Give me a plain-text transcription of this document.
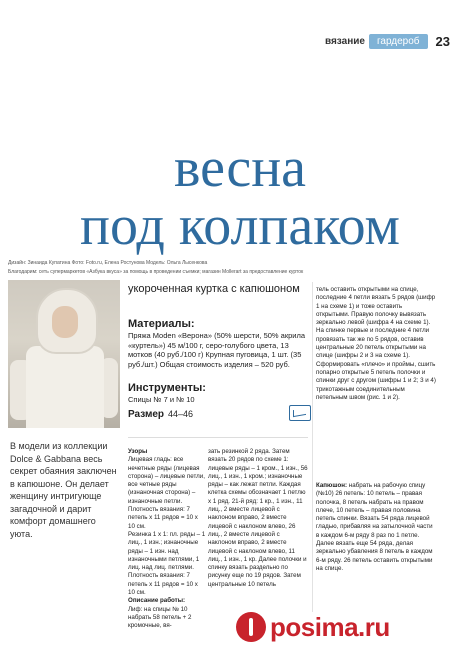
вязание	гардероб	23
весна
под колпаком
Дизайн: Зинаида Купатина Фото: Foto.ru, Елена Ростунова Модель: Ольга Лысенкова
Благодарим: сеть супермаркетов «Азбука вкуса» за помощь в проведении съемки; магазин Mollerart за предоставление курток
В модели из коллекции Dolce & Gabbana весь секрет обаяния заключен в капюшоне. Он делает женщину интригующе загадочной и дарит комфорт домашнего уюта.
укороченная куртка с капюшоном
Материалы:
Пряжа Moden «Верона» (50% шерсти, 50% акрила «куртель») 45 м/100 г, серо-голубого цвета, 13 мотков (40 руб./100 г) Крупная пуговица, 1 шт. (35 руб./шт.) Общая стоимость изделия – 520 руб.
Инструменты:
Спицы № 7 и № 10
Размер 44–46
Узоры
Лицевая гладь: все нечетные ряды (лицевая сторона) – лицевые петли, все четные ряды (изнаночная сторона) – изнаночные петли. Плотность вязания: 7 петель х 11 рядов = 10 х 10 см.
Резинка 1 х 1: пл. ряды – 1 лиц., 1 изн.; изнаночные ряды – 1 изн. над изнаночными петлями, 1 лиц. над лиц. петлями. Плотность вязания: 7 петель х 11 рядов = 10 х 10 см.
Описание работы:
Лиф: на спицы № 10 набрать 58 петель + 2 кромочные, вя-
зать резинкой 2 ряда. Затем вязать 20 рядов по схеме 1: лицевые ряды – 1 кром., 1 изн., 56 лиц., 1 изн., 1 кром.; изнаночные ряды – как лежат петли. Каждая клетка схемы обозначает 1 петлю х 1 ряд. 21-й ряд: 1 кр., 1 изн., 11 лиц., 2 вместе лицевой с наклоном вправо, 2 вместе лицевой с наклоном влево, 26 лиц., 2 вместе лицевой с наклоном вправо, 2 вместе лицевой с наклоном влево, 11 лиц., 1 изн., 1 кр. Далее полочки и спинку вязать раздельно по рисунку еще по 19 рядов. Затем центральные 10 петель
тель оставить открытыми на спице, последние 4 петли вязать 5 рядов (шифр 1 на схеме 1) и тоже оставить открытыми. Правую полочку вывязать зеркально левой (шифра 4 на схеме 1). На спинке первые и последние 4 петли провязать так же по 5 рядов, оставив центральные 20 петель открытыми на спице (шифры 2 и 3 на схеме 1). Сформировать «плечо» и проймы, сшить попарно открытые 5 петель полочки и спинки друг с другом (шифры 1 и 2; 3 и 4) трикотажным соединительным петельным швом (рис. 1 и 2).
Капюшон: набрать на рабочую спицу (№10) 26 петель: 10 петель – правая полочка, 8 петель набрать на правом плече, 10 петель – правая половина петель спинки. Вязать 54 ряда лицевой гладью, прибавляя на затылочной части в каждом 6-м ряду 8 раз по 1 петле. Далее вязать еще 54 ряда, делая зеркально убавления 8 петель в каждом 6-м ряду. 26 петель оставить открытыми на спице.
posima.ru
